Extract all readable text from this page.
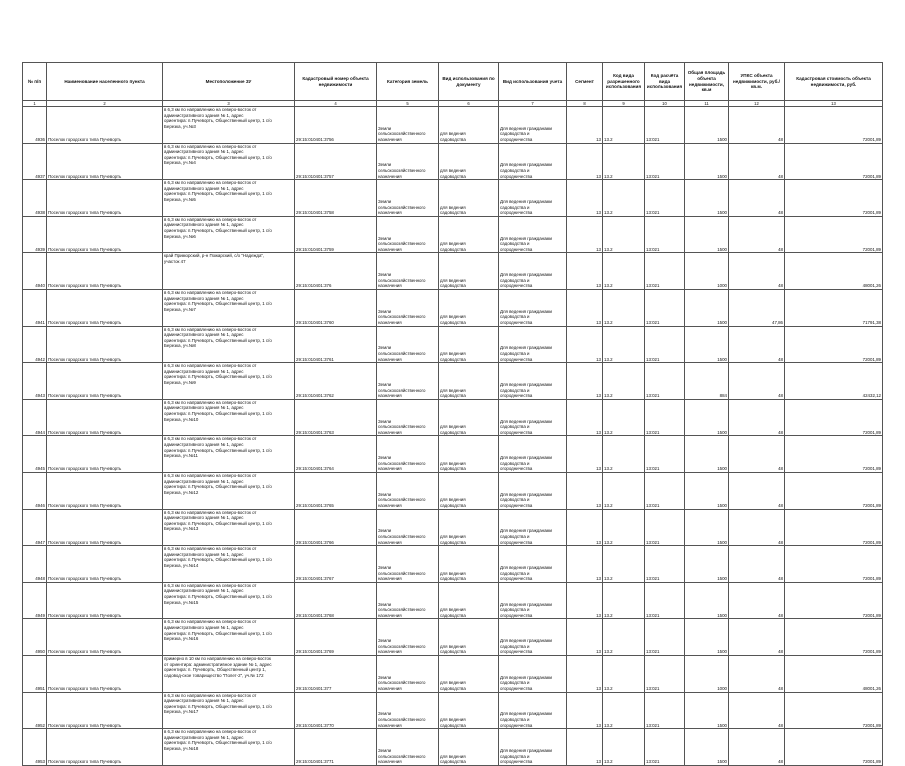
№ п/п	Наименование населенного пункта	Местоположение ЗУ	Кадастровый номер объекта недвижимости	Категория земель	Вид использования по документу	Вид использования учета	Сегмент	Код вида разрешенного использования	Код расчёта вида использования	Общая площадь объекта недвижимости, кв.м	УПКС объекта недвижимости, руб./кв.м.	Кадастровая стоимость объекта недвижимости, руб.
1	2	3	4	5	6	7	8	9	10	11	12	13
4936	Поселок городского типа Пучеворть	в 6,3 км по направлению на северо-восток от
административного здания № 1, адрес
ориентира: п.Пучеворть, Общественный центр, 1 с/о
Березка, уч.№3	29:15:010401:3756	Земли
сельскохозяйственного
назначения	для ведения
садоводства	Для ведения гражданами
садоводства и
огородничества	13	13.2	13:021	1500	48	72001,89
4937	Поселок городского типа Пучеворть	в 6,3 км по направлению на северо-восток от
административного здания № 1, адрес
ориентира: п.Пучеворть, Общественный центр, 1 с/о
Березка, уч.№4	29:15:010401:3757	Земли
сельскохозяйственного
назначения	для ведения
садоводства	Для ведения гражданами
садоводства и
огородничества	13	13.2	13:021	1500	48	72001,89
4938	Поселок городского типа Пучеворть	в 6,3 км по направлению на северо-восток от
административного здания № 1, адрес
ориентира: п.Пучеворть, Общественный центр, 1 с/о
Березка, уч.№5	29:15:010401:3758	Земли
сельскохозяйственного
назначения	для ведения
садоводства	Для ведения гражданами
садоводства и
огородничества	13	13.2	13:021	1500	48	72001,89
4939	Поселок городского типа Пучеворть	в 6,3 км по направлению на северо-восток от
административного здания № 1, адрес
ориентира: п.Пучеворть, Общественный центр, 1 с/о
Березка, уч.№6	29:15:010401:3759	Земли
сельскохозяйственного
назначения	для ведения
садоводства	Для ведения гражданами
садоводства и
огородничества	13	13.2	13:021	1500	48	72001,89
4940	Поселок городского типа Пучеворть	край Приморский, р-н Пожарский, с/о "Надежда",
участок 47	29:15:010401:376	Земли
сельскохозяйственного
назначения	для ведения
садоводства	Для ведения гражданами
садоводства и
огородничества	13	13.2	13:021	1000	48	48001,26
4941	Поселок городского типа Пучеворть	в 6,3 км по направлению на северо-восток от
административного здания № 1, адрес
ориентира: п.Пучеворть, Общественный центр, 1 с/о
Березка, уч.№7	29:15:010401:3760	Земли
сельскохозяйственного
назначения	для ведения
садоводства	Для ведения гражданами
садоводства и
огородничества	13	13.2	13:021	1500	47,86	71791,38
4942	Поселок городского типа Пучеворть	в 6,3 км по направлению на северо-восток от
административного здания № 1, адрес
ориентира: п.Пучеворть, Общественный центр, 1 с/о
Березка, уч.№8	29:15:010401:3761	Земли
сельскохозяйственного
назначения	для ведения
садоводства	Для ведения гражданами
садоводства и
огородничества	13	13.2	13:021	1500	48	72001,89
4943	Поселок городского типа Пучеворть	в 6,3 км по направлению на северо-восток от
административного здания № 1, адрес
ориентира: п.Пучеворть, Общественный центр, 1 с/о
Березка, уч.№9	29:15:010401:3762	Земли
сельскохозяйственного
назначения	для ведения
садоводства	Для ведения гражданами
садоводства и
огородничества	13	13.2	13:021	884	48	42432,12
4944	Поселок городского типа Пучеворть	в 6,3 км по направлению на северо-восток от
административного здания № 1, адрес
ориентира: п.Пучеворть, Общественный центр, 1 с/о
Березка, уч.№10	29:15:010401:3763	Земли
сельскохозяйственного
назначения	для ведения
садоводства	Для ведения гражданами
садоводства и
огородничества	13	13.2	13:021	1500	48	72001,89
4945	Поселок городского типа Пучеворть	в 6,3 км по направлению на северо-восток от
административного здания № 1, адрес
ориентира: п.Пучеворть, Общественный центр, 1 с/о
Березка, уч.№11	29:15:010401:3764	Земли
сельскохозяйственного
назначения	для ведения
садоводства	Для ведения гражданами
садоводства и
огородничества	13	13.2	13:021	1500	48	72001,89
4946	Поселок городского типа Пучеворть	в 6,3 км по направлению на северо-восток от
административного здания № 1, адрес
ориентира: п.Пучеворть, Общественный центр, 1 с/о
Березка, уч.№12	29:15:010401:3765	Земли
сельскохозяйственного
назначения	для ведения
садоводства	Для ведения гражданами
садоводства и
огородничества	13	13.2	13:021	1500	48	72001,89
4947	Поселок городского типа Пучеворть	в 6,3 км по направлению на северо-восток от
административного здания № 1, адрес
ориентира: п.Пучеворть, Общественный центр, 1 с/о
Березка, уч.№13	29:15:010401:3766	Земли
сельскохозяйственного
назначения	для ведения
садоводства	Для ведения гражданами
садоводства и
огородничества	13	13.2	13:021	1500	48	72001,89
4948	Поселок городского типа Пучеворть	в 6,3 км по направлению на северо-восток от
административного здания № 1, адрес
ориентира: п.Пучеворть, Общественный центр, 1 с/о
Березка, уч.№14	29:15:010401:3767	Земли
сельскохозяйственного
назначения	для ведения
садоводства	Для ведения гражданами
садоводства и
огородничества	13	13.2	13:021	1500	48	72001,89
4949	Поселок городского типа Пучеворть	в 6,3 км по направлению на северо-восток от
административного здания № 1, адрес
ориентира: п.Пучеворть, Общественный центр, 1 с/о
Березка, уч.№15	29:15:010401:3768	Земли
сельскохозяйственного
назначения	для ведения
садоводства	Для ведения гражданами
садоводства и
огородничества	13	13.2	13:021	1500	48	72001,89
4950	Поселок городского типа Пучеворть	в 6,3 км по направлению на северо-восток от
административного здания № 1, адрес
ориентира: п.Пучеворть, Общественный центр, 1 с/о
Березка, уч.№16	29:15:010401:3769	Земли
сельскохозяйственного
назначения	для ведения
садоводства	Для ведения гражданами
садоводства и
огородничества	13	13.2	13:021	1500	48	72001,89
4951	Поселок городского типа Пучеворть	примерно в 10 км по направлению на северо-восток
от ориентира: административное здание № 1, адрес
ориентира: п. Пучеворть, Общественный центр 1,
садовод-ское товарищество "Полет-2", уч.№ 172	29:15:010401:377	Земли
сельскохозяйственного
назначения	для ведения
садоводства	Для ведения гражданами
садоводства и
огородничества	13	13.2	13:021	1000	48	48001,26
4952	Поселок городского типа Пучеворть	в 6,3 км по направлению на северо-восток от
административного здания № 1, адрес
ориентира: п.Пучеворть, Общественный центр, 1 с/о
Березка, уч.№17	29:15:010401:3770	Земли
сельскохозяйственного
назначения	для ведения
садоводства	Для ведения гражданами
садоводства и
огородничества	13	13.2	13:021	1500	48	72001,89
4953	Поселок городского типа Пучеворть	в 6,3 км по направлению на северо-восток от
административного здания № 1, адрес
ориентира: п.Пучеворть, Общественный центр, 1 с/о
Березка, уч.№18	29:15:010401:3771	Земли
сельскохозяйственного
назначения	для ведения
садоводства	Для ведения гражданами
садоводства и
огородничества	13	13.2	13:021	1500	48	72001,89
